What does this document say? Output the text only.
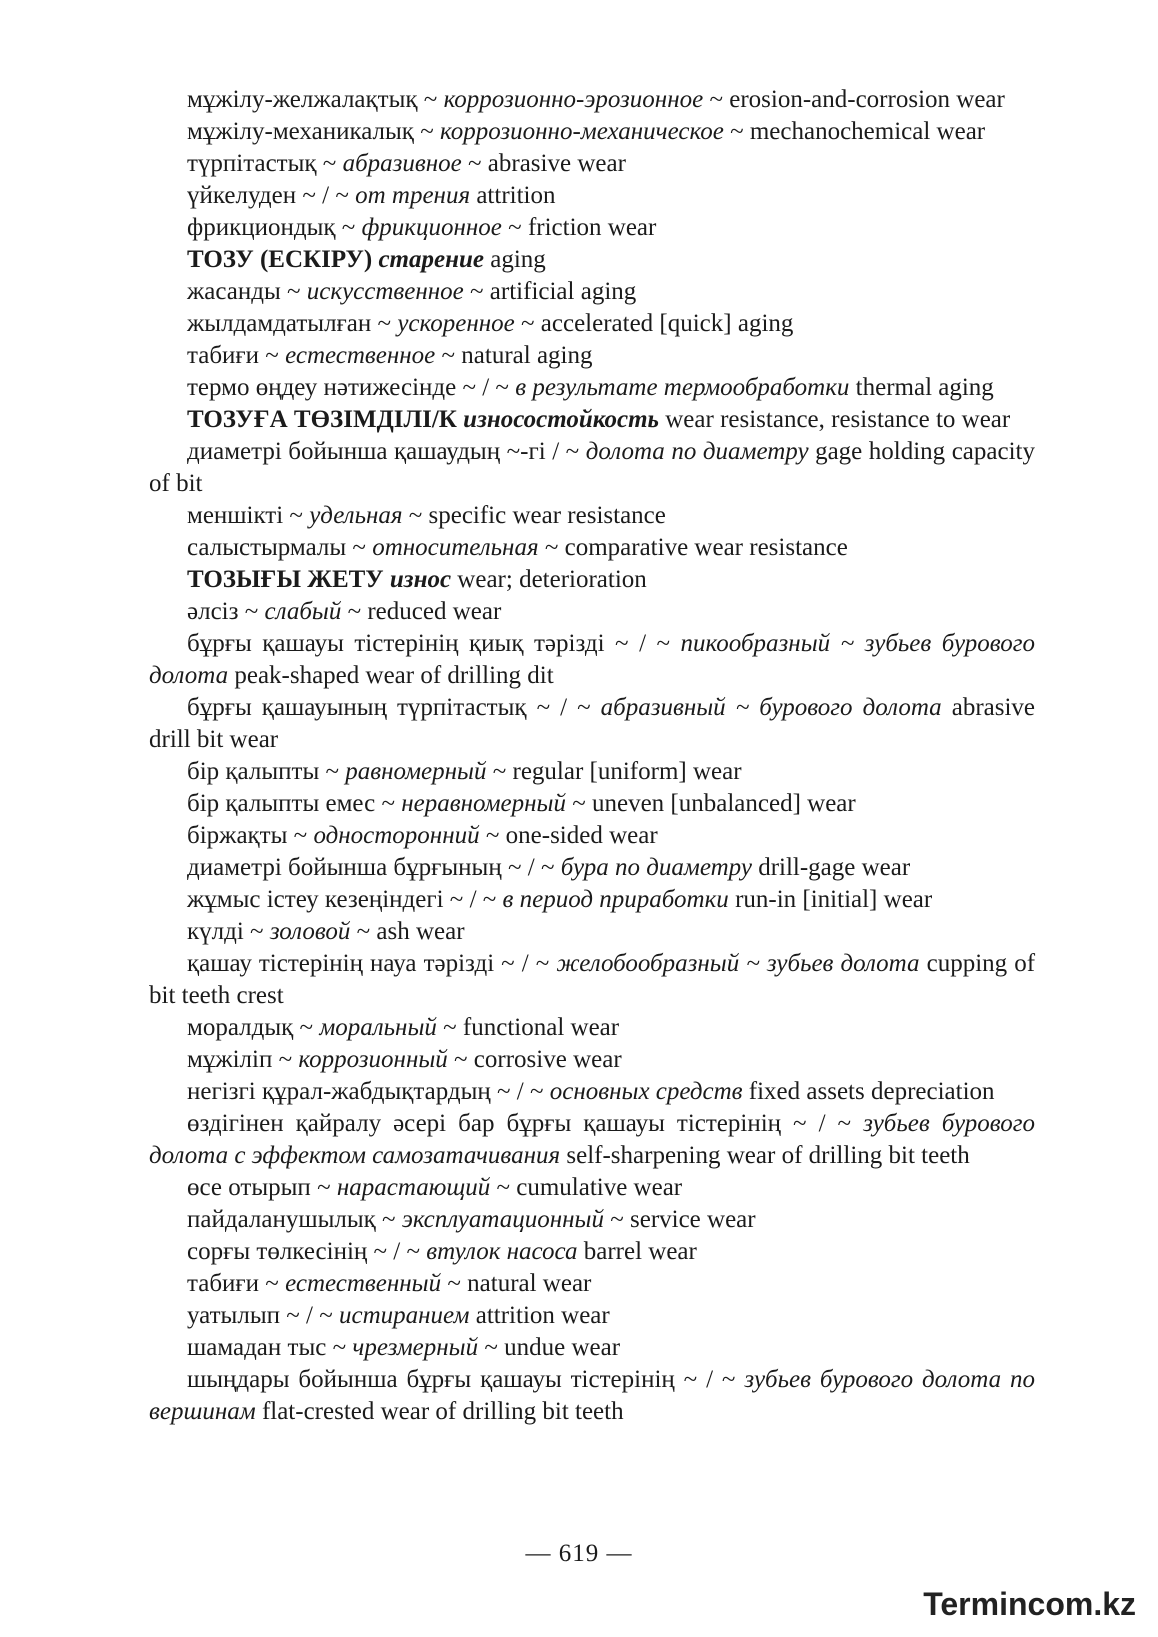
мұжілу-желжалақтық ~ коррозионно-эрозионное ~ erosion-and-corrosion wear

мұжілу-механикалық ~ коррозионно-механическое ~ mechanochemical wear

түрпітастық ~ абразивное ~ abrasive wear

үйкелуден ~ / ~ от трения attrition

фрикциондық ~ фрикционное ~ friction wear

ТОЗУ (ЕСКІРУ) старение aging

жасанды ~ искусственное ~ artificial aging

жылдамдатылған ~ ускоренное ~ accelerated [quick] aging

табиғи ~ естественное ~ natural aging

термо өңдеу нәтижесінде ~ / ~ в результате термообработки thermal aging

ТОЗУҒА ТӨЗІМДІЛІ/К износостойкость wear resistance, resistance to wear

диаметрі бойынша қашаудың ~-гі / ~ долота по диаметру gage holding capacity of bit

меншікті ~ удельная ~ specific wear resistance

салыстырмалы ~ относительная ~ comparative wear resistance

ТОЗЫҒЫ ЖЕТУ износ wear; deterioration

әлсіз ~ слабый ~ reduced wear

бұрғы қашауы тістерінің қиық тәрізді ~ / ~ пикообразный ~ зубьев бурового долота peak-shaped wear of drilling dit

бұрғы қашауының түрпітастық ~ / ~ абразивный ~ бурового долота abrasive drill bit wear

бір қалыпты ~ равномерный ~ regular [uniform] wear

бір қалыпты емес ~ неравномерный ~ uneven [unbalanced] wear

біржақты ~ односторонний ~ one-sided wear

диаметрі бойынша бұрғының ~ / ~ бура по диаметру drill-gage wear

жұмыс істеу кезеңіндегі ~ / ~ в период приработки run-in [initial] wear

күлді ~ золовой ~ ash wear

қашау тістерінің науа тәрізді ~ / ~ желобообразный ~ зубьев долота cupping of bit teeth crest

моралдық ~ моральный ~ functional wear

мұжіліп ~ коррозионный ~ corrosive wear

негізгі құрал-жабдықтардың ~ / ~ основных средств fixed assets depreciation

өздігінен қайралу әсері бар бұрғы қашауы тістерінің ~ / ~ зубьев бурового долота с эффектом самозатачивания self-sharpening wear of drilling bit teeth

өсе отырып ~ нарастающий ~ cumulative wear

пайдаланушылық ~ эксплуатационный ~ service wear

сорғы төлкесінің ~ / ~ втулок насоса barrel wear

табиғи ~ естественный ~ natural wear

уатылып ~ / ~ истиранием attrition wear

шамадан тыс ~ чрезмерный ~ undue wear

шыңдары бойынша бұрғы қашауы тістерінің ~ / ~ зубьев бурового долота по вершинам flat-crested wear of drilling bit teeth

— 619 —
Termincom.kz
